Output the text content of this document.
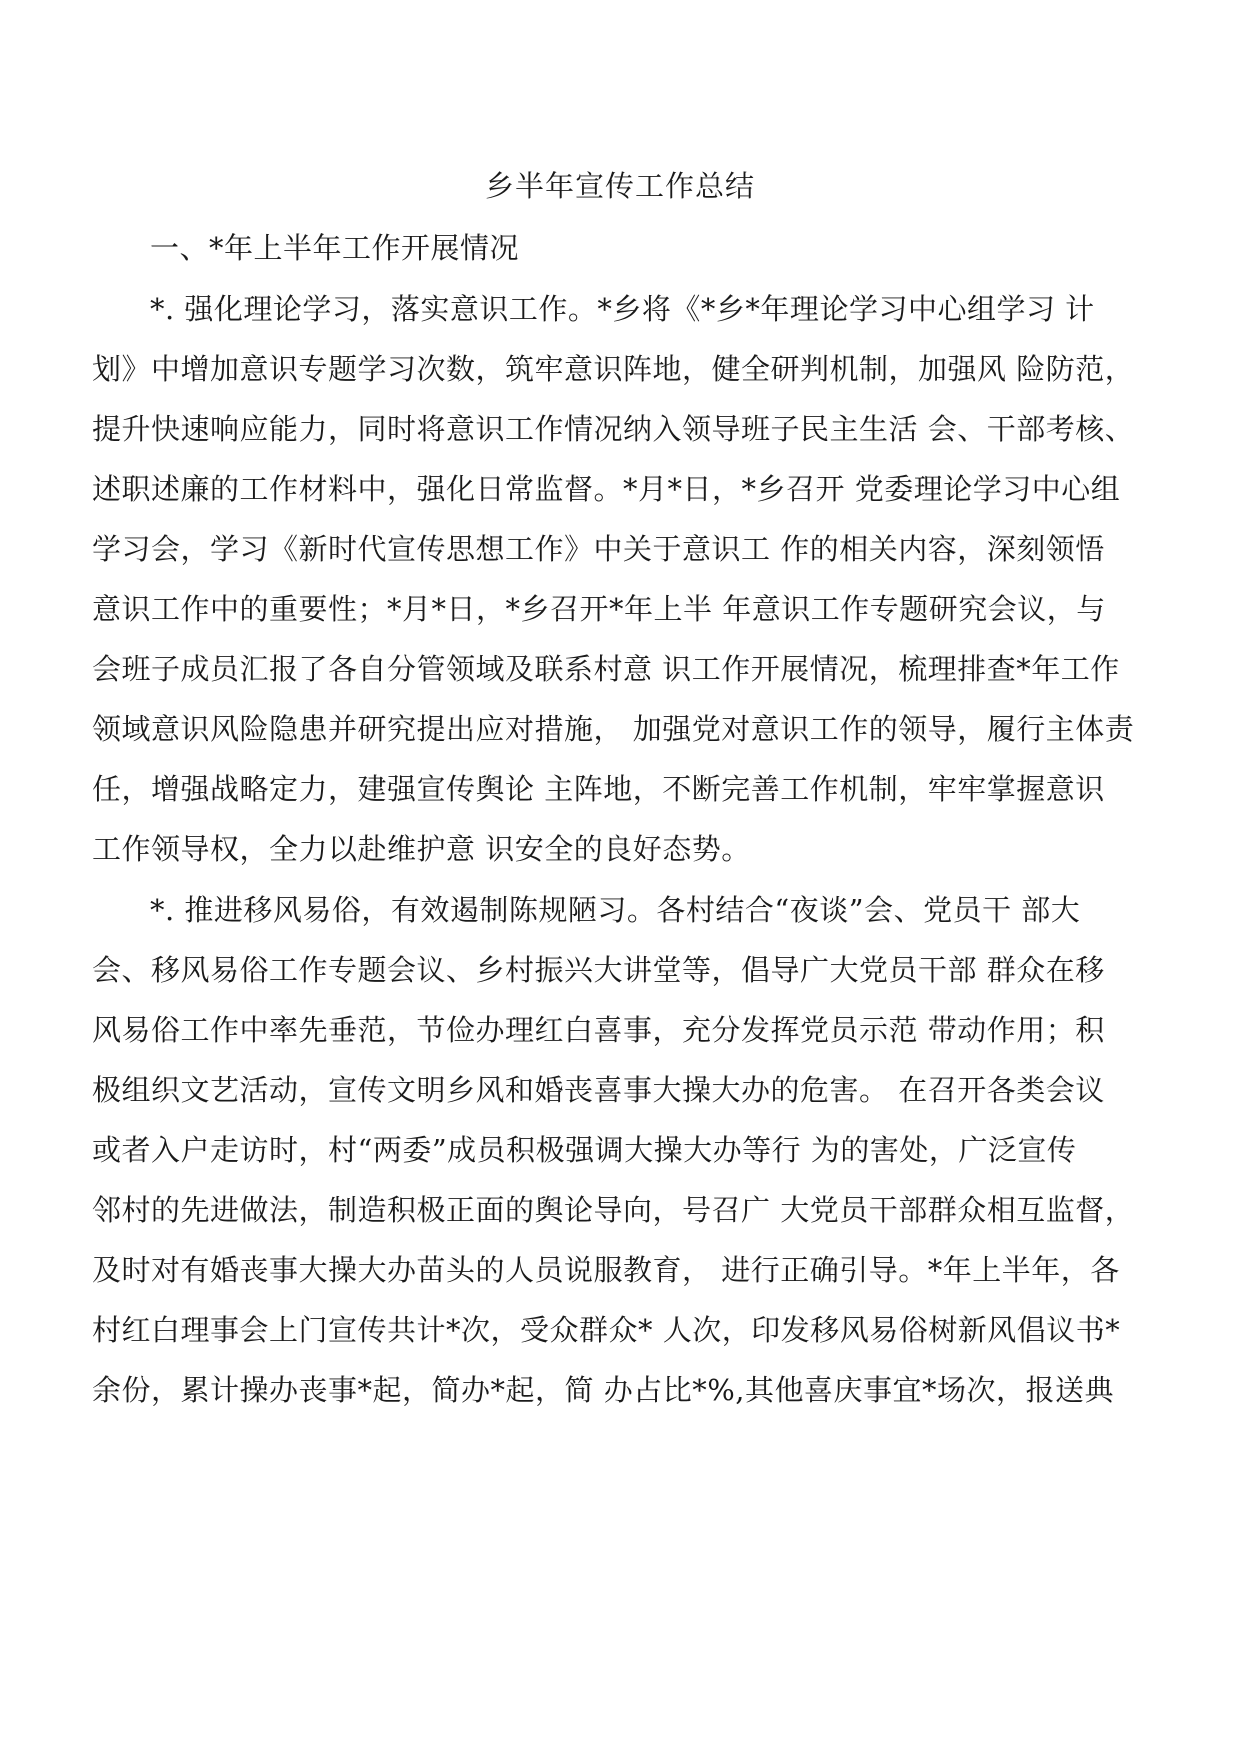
乡半年宣传工作总结
一、*年上半年工作开展情况
*. 强化理论学习，落实意识工作。*乡将《*乡*年理论学习中心组学习 计
划》中增加意识专题学习次数，筑牢意识阵地，健全研判机制，加强风 险防范，
提升快速响应能力，同时将意识工作情况纳入领导班子民主生活 会、干部考核、
述职述廉的工作材料中，强化日常监督。*月*日，*乡召开 党委理论学习中心组
学习会，学习《新时代宣传思想工作》中关于意识工 作的相关内容，深刻领悟
意识工作中的重要性；*月*日，*乡召开*年上半 年意识工作专题研究会议，与
会班子成员汇报了各自分管领域及联系村意 识工作开展情况，梳理排查*年工作
领域意识风险隐患并研究提出应对措施， 加强党对意识工作的领导，履行主体责
任，增强战略定力，建强宣传舆论 主阵地，不断完善工作机制，牢牢掌握意识
工作领导权，全力以赴维护意 识安全的良好态势。
*. 推进移风易俗，有效遏制陈规陋习。各村结合“夜谈”会、党员干 部大
会、移风易俗工作专题会议、乡村振兴大讲堂等，倡导广大党员干部 群众在移
风易俗工作中率先垂范，节俭办理红白喜事，充分发挥党员示范 带动作用；积
极组织文艺活动，宣传文明乡风和婚丧喜事大操大办的危害。 在召开各类会议
或者入户走访时，村“两委”成员积极强调大操大办等行 为的害处，广泛宣传
邻村的先进做法，制造积极正面的舆论导向，号召广 大党员干部群众相互监督，
及时对有婚丧事大操大办苗头的人员说服教育， 进行正确引导。*年上半年，各
村红白理事会上门宣传共计*次，受众群众* 人次，印发移风易俗树新风倡议书*
余份，累计操办丧事*起，简办*起，简 办占比*%,其他喜庆事宜*场次，报送典
